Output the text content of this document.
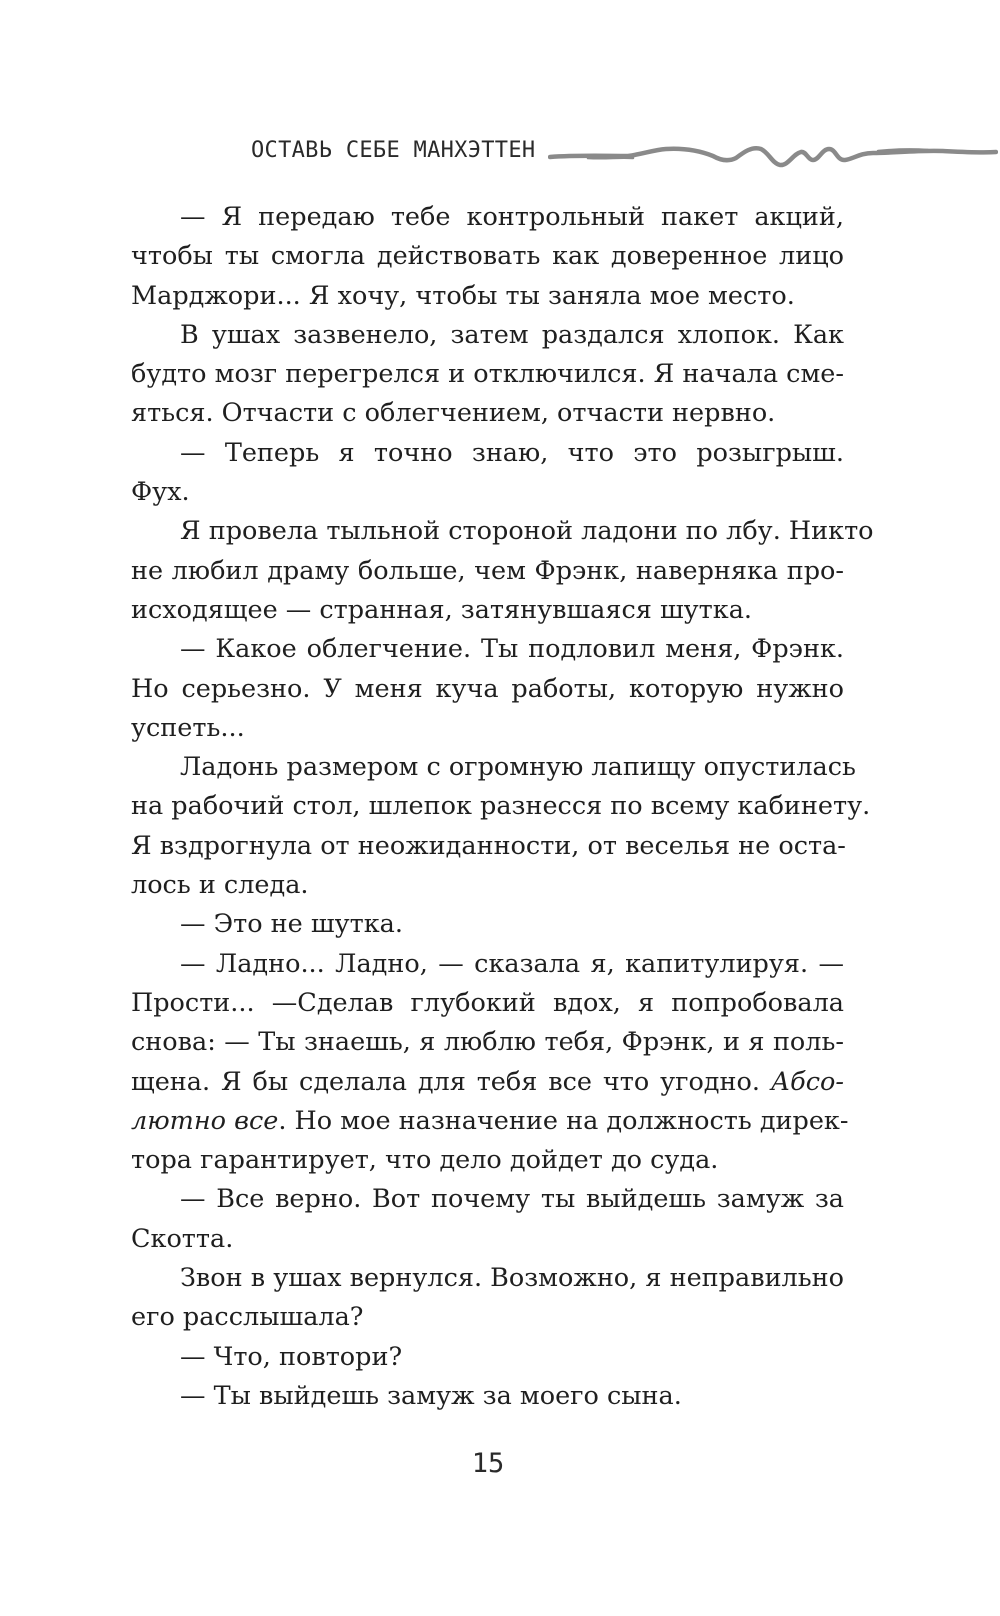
ОСТАВЬ СЕБЕ МАНХЭТТЕН
— Я передаю тебе контрольный пакет акций,
чтобы ты смогла действовать как доверенное лицо
Марджори... Я хочу, чтобы ты заняла мое место.
В ушах зазвенело, затем раздался хлопок. Как
будто мозг перегрелся и отключился. Я начала сме-
яться. Отчасти с облегчением, отчасти нервно.
— Теперь я точно знаю, что это розыгрыш.
Фух.
Я провела тыльной стороной ладони по лбу. Никто
не любил драму больше, чем Фрэнк, наверняка про-
исходящее — странная, затянувшаяся шутка.
— Какое облегчение. Ты подловил меня, Фрэнк.
Но серьезно. У меня куча работы, которую нужно
успеть...
Ладонь размером с огромную лапищу опустилась
на рабочий стол, шлепок разнесся по всему кабинету.
Я вздрогнула от неожиданности, от веселья не оста-
лось и следа.
— Это не шутка.
— Ладно... Ладно, — сказала я, капитулируя. —
Прости... —Сделав глубокий вдох, я попробовала
снова: — Ты знаешь, я люблю тебя, Фрэнк, и я поль-
щена. Я бы сделала для тебя все что угодно. Абсо-
лютно все. Но мое назначение на должность дирек-
тора гарантирует, что дело дойдет до суда.
— Все верно. Вот почему ты выйдешь замуж за
Скотта.
Звон в ушах вернулся. Возможно, я неправильно
его расслышала?
— Что, повтори?
— Ты выйдешь замуж за моего сына.
15
